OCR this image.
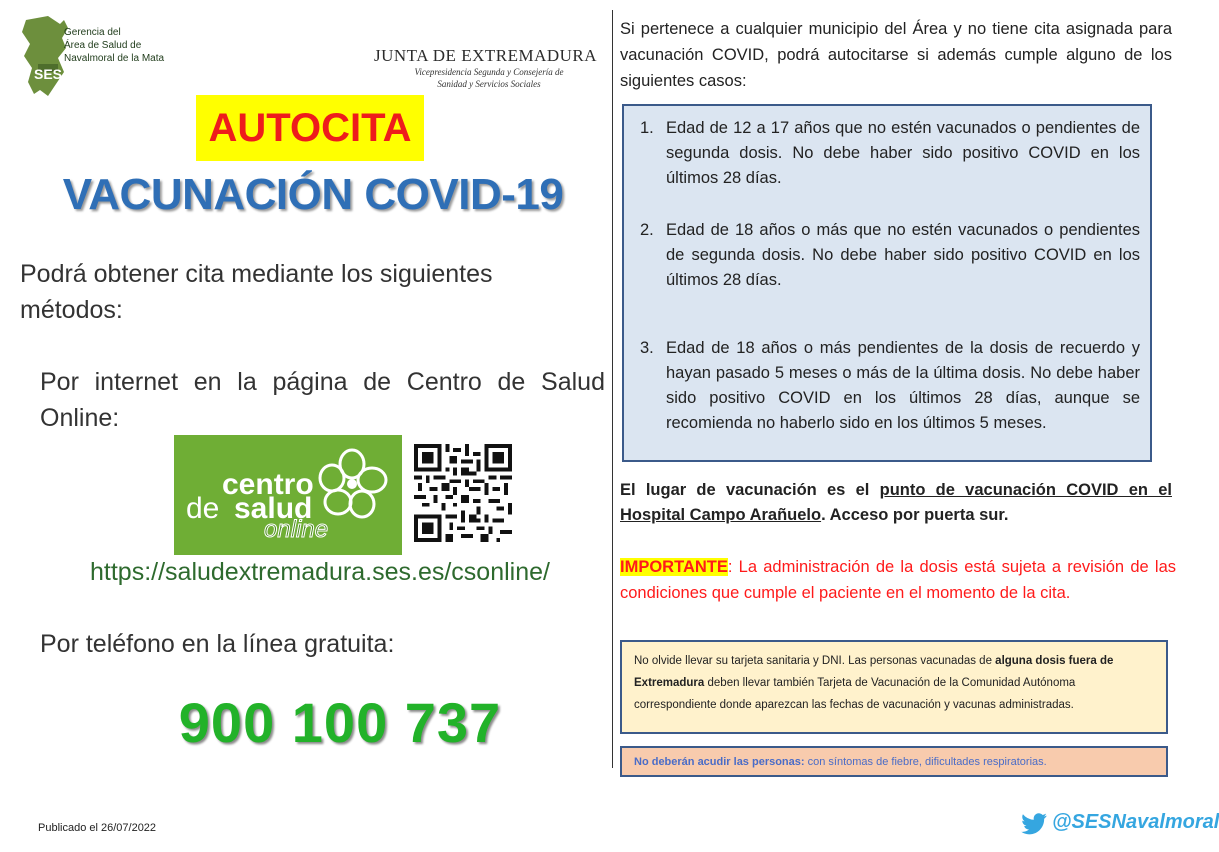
SES
Gerencia del
Área de Salud de
Navalmoral de la Mata	JUNTA DE EXTREMADURA
Vicepresidencia Segunda y Consejería de
Sanidad y Servicios Sociales
AUTOCITA
VACUNACIÓN COVID-19
Podrá obtener cita mediante los siguientes métodos:
Por internet en la página de Centro de Salud Online:
centro
de salud
online
https://saludextremadura.ses.es/csonline/
Por teléfono en la línea gratuita:
900 100 737
Publicado el 26/07/2022
Si pertenece a cualquier municipio del Área y no tiene cita asignada para vacunación COVID, podrá autocitarse si además cumple alguno de los siguientes casos:
1. Edad de 12 a 17 años que no estén vacunados o pendientes de segunda dosis. No debe haber sido positivo COVID en los últimos 28 días.
2. Edad de 18 años o más que no estén vacunados o pendientes de segunda dosis. No debe haber sido positivo COVID en los últimos 28 días.
3. Edad de 18 años o más pendientes de la dosis de recuerdo y hayan pasado 5 meses o más de la última dosis. No debe haber sido positivo COVID en los últimos 28 días, aunque se recomienda no haberlo sido en los últimos 5 meses.
El lugar de vacunación es el punto de vacunación COVID en el Hospital Campo Arañuelo. Acceso por puerta sur.
IMPORTANTE: La administración de la dosis está sujeta a revisión de las condiciones que cumple el paciente en el momento de la cita.
No olvide llevar su tarjeta sanitaria y DNI. Las personas vacunadas de alguna dosis fuera de Extremadura deben llevar también Tarjeta de Vacunación de la Comunidad Autónoma correspondiente donde aparezcan las fechas de vacunación y vacunas administradas.
No deberán acudir las personas: con síntomas de fiebre, dificultades respiratorias.
@SESNavalmoral
